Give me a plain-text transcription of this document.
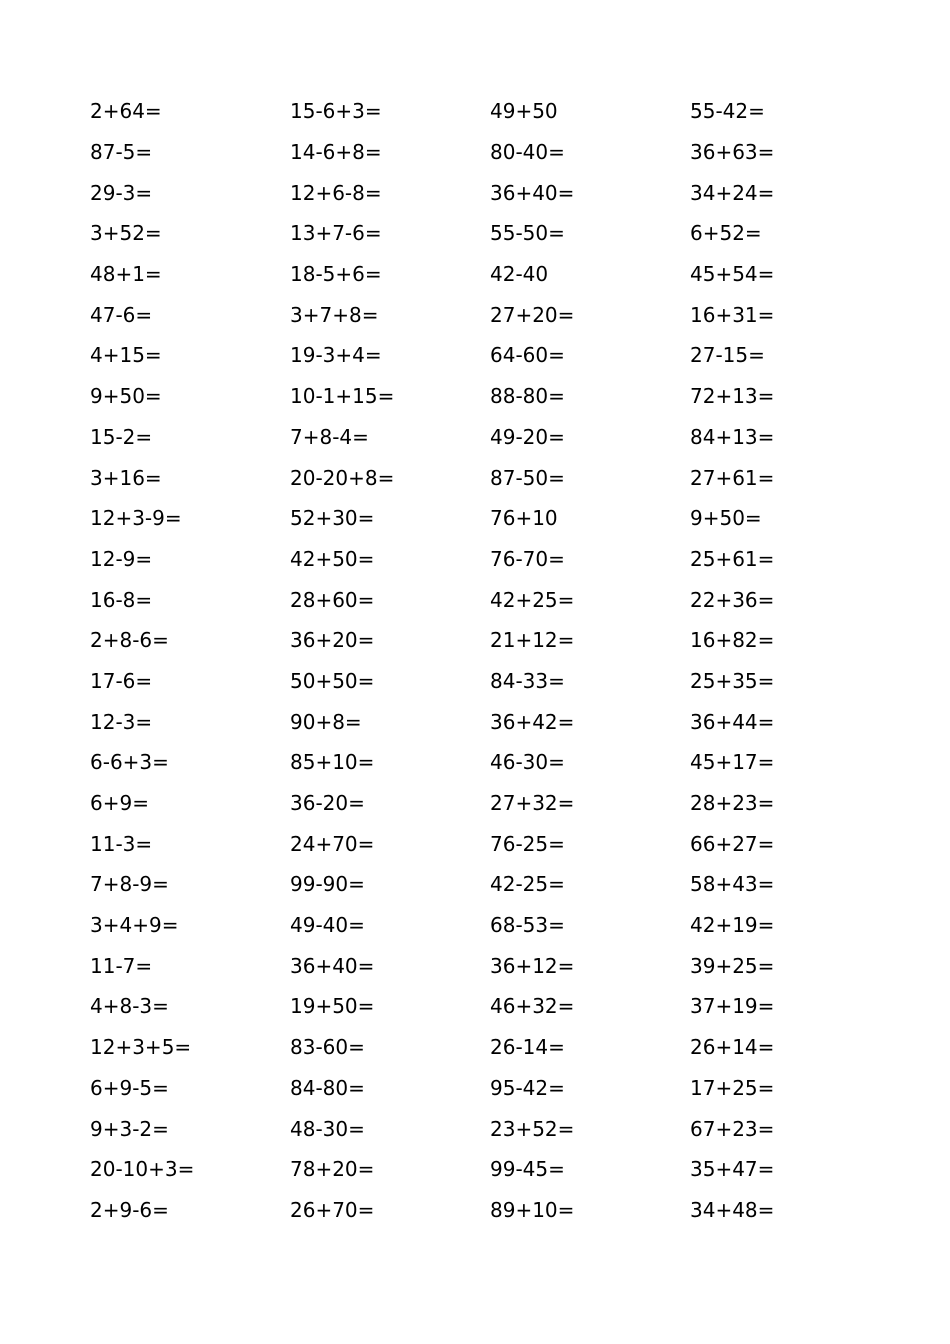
2+64=	15-6+3=	49+50	55-42=
87-5=	14-6+8=	80-40=	36+63=
29-3=	12+6-8=	36+40=	34+24=
3+52=	13+7-6=	55-50=	6+52=
48+1=	18-5+6=	42-40	45+54=
47-6=	3+7+8=	27+20=	16+31=
4+15=	19-3+4=	64-60=	27-15=
9+50=	10-1+15=	88-80=	72+13=
15-2=	7+8-4=	49-20=	84+13=
3+16=	20-20+8=	87-50=	27+61=
12+3-9=	52+30=	76+10	9+50=
12-9=	42+50=	76-70=	25+61=
16-8=	28+60=	42+25=	22+36=
2+8-6=	36+20=	21+12=	16+82=
17-6=	50+50=	84-33=	25+35=
12-3=	90+8=	36+42=	36+44=
6-6+3=	85+10=	46-30=	45+17=
6+9=	36-20=	27+32=	28+23=
11-3=	24+70=	76-25=	66+27=
7+8-9=	99-90=	42-25=	58+43=
3+4+9=	49-40=	68-53=	42+19=
11-7=	36+40=	36+12=	39+25=
4+8-3=	19+50=	46+32=	37+19=
12+3+5=	83-60=	26-14=	26+14=
6+9-5=	84-80=	95-42=	17+25=
9+3-2=	48-30=	23+52=	67+23=
20-10+3=	78+20=	99-45=	35+47=
2+9-6=	26+70=	89+10=	34+48=
